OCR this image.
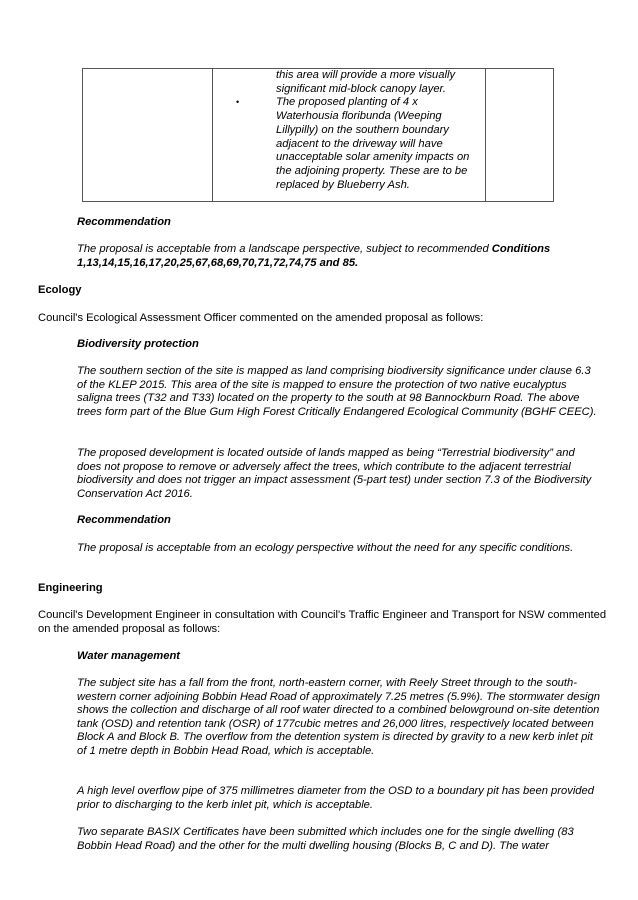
•
this area will provide a more visually
significant mid-block canopy layer.
The proposed planting of 4 x
Waterhousia floribunda (Weeping
Lillypilly) on the southern boundary
adjacent to the driveway will have
unacceptable solar amenity impacts on
the adjoining property. These are to be
replaced by Blueberry Ash.
Recommendation
The proposal is acceptable from a landscape perspective, subject to recommended Conditions
1,13,14,15,16,17,20,25,67,68,69,70,71,72,74,75 and 85.
Ecology
Council's Ecological Assessment Officer commented on the amended proposal as follows:
Biodiversity protection
The southern section of the site is mapped as land comprising biodiversity significance under clause 6.3 of the KLEP 2015. This area of the site is mapped to ensure the protection of two native eucalyptus saligna trees (T32 and T33) located on the property to the south at 98 Bannockburn Road. The above trees form part of the Blue Gum High Forest Critically Endangered Ecological Community (BGHF CEEC).
The proposed development is located outside of lands mapped as being “Terrestrial biodiversity” and does not propose to remove or adversely affect the trees, which contribute to the adjacent terrestrial biodiversity and does not trigger an impact assessment (5-part test) under section 7.3 of the Biodiversity Conservation Act 2016.
Recommendation
The proposal is acceptable from an ecology perspective without the need for any specific conditions.
Engineering
Council's Development Engineer in consultation with Council's Traffic Engineer and Transport for NSW commented on the amended proposal as follows:
Water management
The subject site has a fall from the front, north-eastern corner, with Reely Street through to the south-western corner adjoining Bobbin Head Road of approximately 7.25 metres (5.9%). The stormwater design shows the collection and discharge of all roof water directed to a combined belowground on-site detention tank (OSD) and retention tank (OSR) of 177cubic metres and 26,000 litres, respectively located between Block A and Block B. The overflow from the detention system is directed by gravity to a new kerb inlet pit of 1 metre depth in Bobbin Head Road, which is acceptable.
A high level overflow pipe of 375 millimetres diameter from the OSD to a boundary pit has been provided prior to discharging to the kerb inlet pit, which is acceptable.
Two separate BASIX Certificates have been submitted which includes one for the single dwelling (83 Bobbin Head Road) and the other for the multi dwelling housing (Blocks B, C and D). The water
